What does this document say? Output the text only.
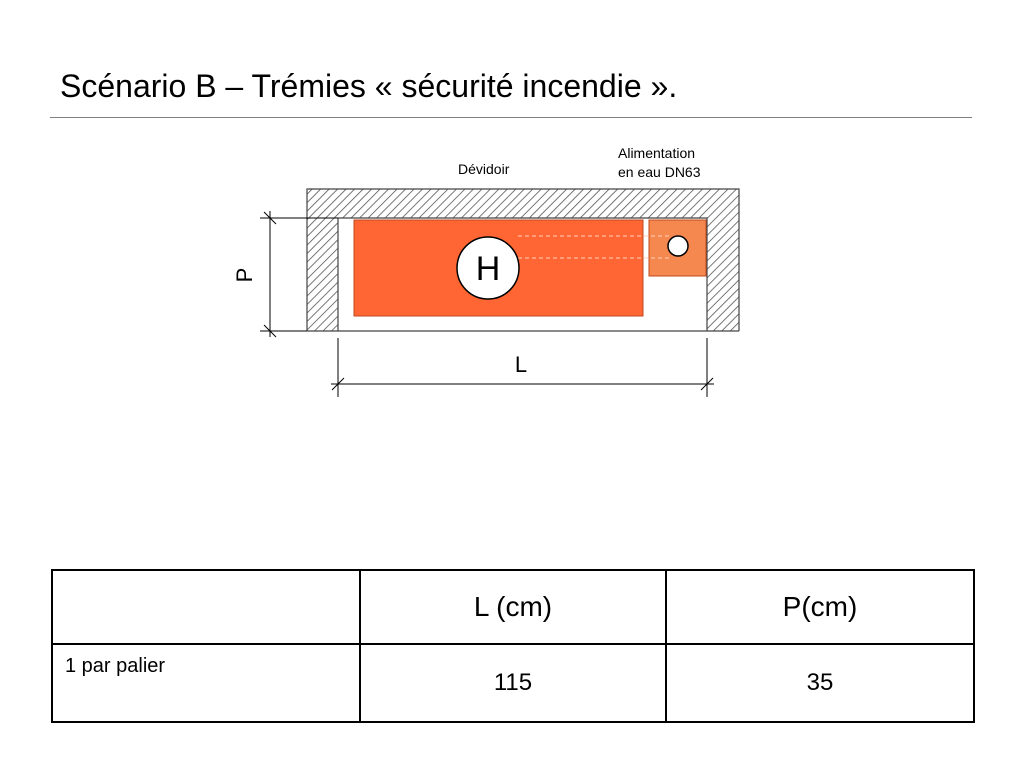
Scénario B – Trémies « sécurité incendie ».
H
Dévidoir
Alimentation
en eau DN63
P
L
	L (cm)	P(cm)
1 par palier	115	35
